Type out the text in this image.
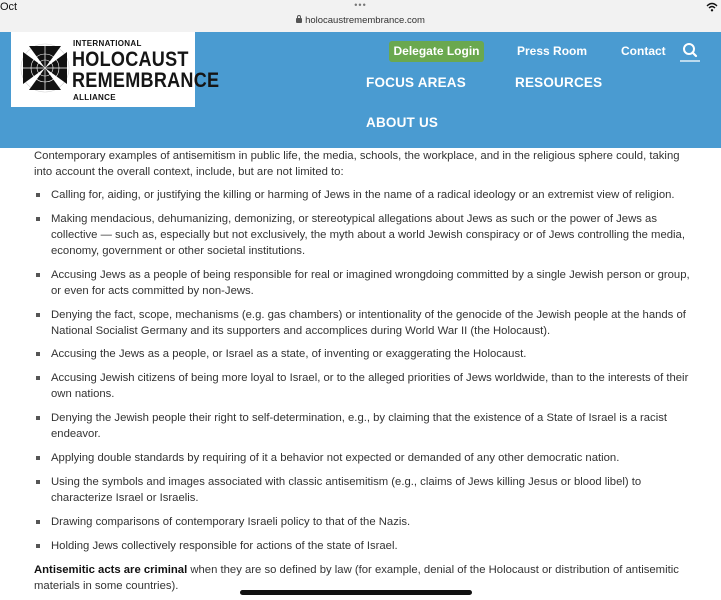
Oct	•••
holocaustremembrance.com
INTERNATIONAL
HOLOCAUST
REMEMBRANCE
ALLIANCE
Delegate Login	Press Room	Contact
FOCUS AREAS	RESOURCES
ABOUT US

Contemporary examples of antisemitism in public life, the media, schools, the workplace, and in the religious sphere could, taking into account the overall context, include, but are not limited to:

Calling for, aiding, or justifying the killing or harming of Jews in the name of a radical ideology or an extremist view of religion.
Making mendacious, dehumanizing, demonizing, or stereotypical allegations about Jews as such or the power of Jews as collective — such as, especially but not exclusively, the myth about a world Jewish conspiracy or of Jews controlling the media, economy, government or other societal institutions.
Accusing Jews as a people of being responsible for real or imagined wrongdoing committed by a single Jewish person or group, or even for acts committed by non-Jews.
Denying the fact, scope, mechanisms (e.g. gas chambers) or intentionality of the genocide of the Jewish people at the hands of National Socialist Germany and its supporters and accomplices during World War II (the Holocaust).
Accusing the Jews as a people, or Israel as a state, of inventing or exaggerating the Holocaust.
Accusing Jewish citizens of being more loyal to Israel, or to the alleged priorities of Jews worldwide, than to the interests of their own nations.
Denying the Jewish people their right to self-determination, e.g., by claiming that the existence of a State of Israel is a racist endeavor.
Applying double standards by requiring of it a behavior not expected or demanded of any other democratic nation.
Using the symbols and images associated with classic antisemitism (e.g., claims of Jews killing Jesus or blood libel) to characterize Israel or Israelis.
Drawing comparisons of contemporary Israeli policy to that of the Nazis.
Holding Jews collectively responsible for actions of the state of Israel.

Antisemitic acts are criminal when they are so defined by law (for example, denial of the Holocaust or distribution of antisemitic materials in some countries).
